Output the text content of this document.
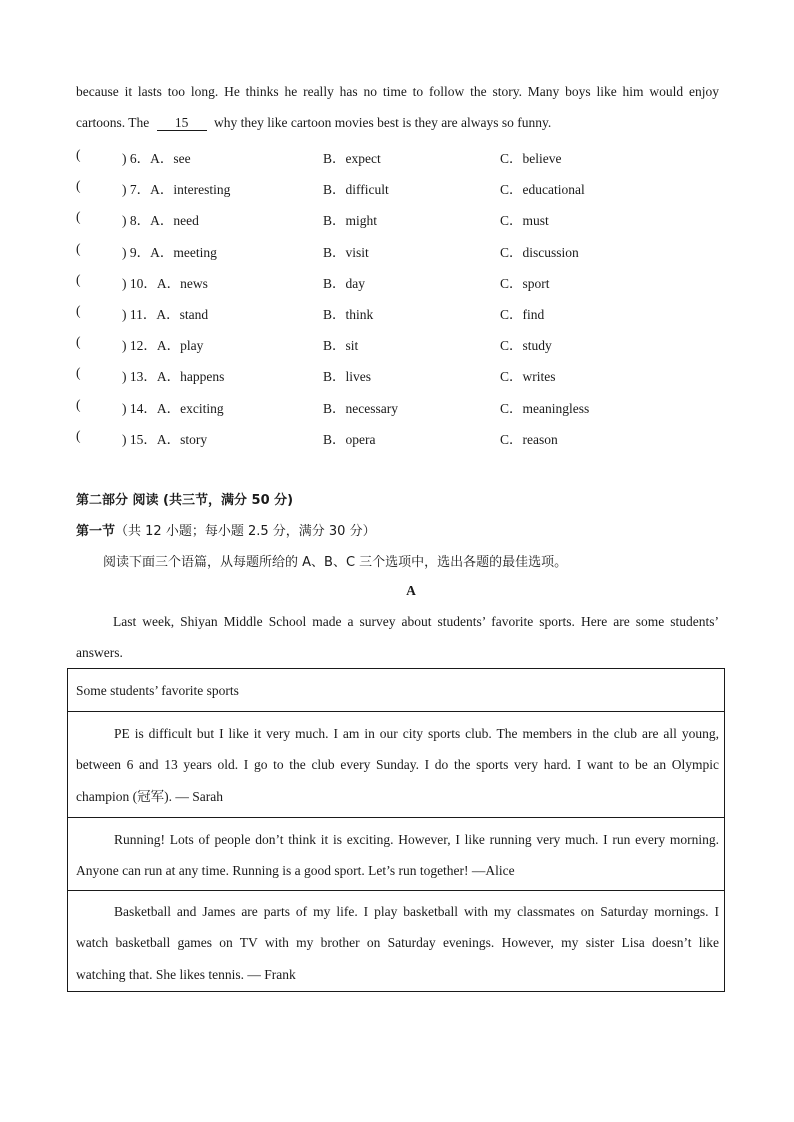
because it lasts too long. He thinks he really has no time to follow the story. Many boys like him would enjoy
cartoons. The 15 why they like cartoon movies best is they are always so funny.
(	) 6．A．see	B．expect	C．believe
(	) 7．A．interesting	B．difficult	C．educational
(	) 8．A．need	B．might	C．must
(	) 9．A．meeting	B．visit	C．discussion
(	) 10．A．news	B．day	C．sport
(	) 11．A．stand	B．think	C．find
(	) 12．A．play	B．sit	C．study
(	) 13．A．happens	B．lives	C．writes
(	) 14．A．exciting	B．necessary	C．meaningless
(	) 15．A．story	B．opera	C．reason
第二部分 阅读 (共三节，满分 50 分)
第一节（共 12 小题；每小题 2.5 分，满分 30 分）
阅读下面三个语篇，从每题所给的 A、B、C 三个选项中，选出各题的最佳选项。
A
Last week, Shiyan Middle School made a survey about students’ favorite sports. Here are some students’
answers.
Some students’ favorite sports
PE is difficult but I like it very much. I am in our city sports club. The members in the club are all young,
between 6 and 13 years old. I go to the club every Sunday. I do the sports very hard. I want to be an Olympic
champion (冠军). — Sarah
Running! Lots of people don’t think it is exciting. However, I like running very much. I run every morning.
Anyone can run at any time. Running is a good sport. Let’s run together! —Alice
Basketball and James are parts of my life. I play basketball with my classmates on Saturday mornings. I
watch basketball games on TV with my brother on Saturday evenings. However, my sister Lisa doesn’t like
watching that. She likes tennis. — Frank
